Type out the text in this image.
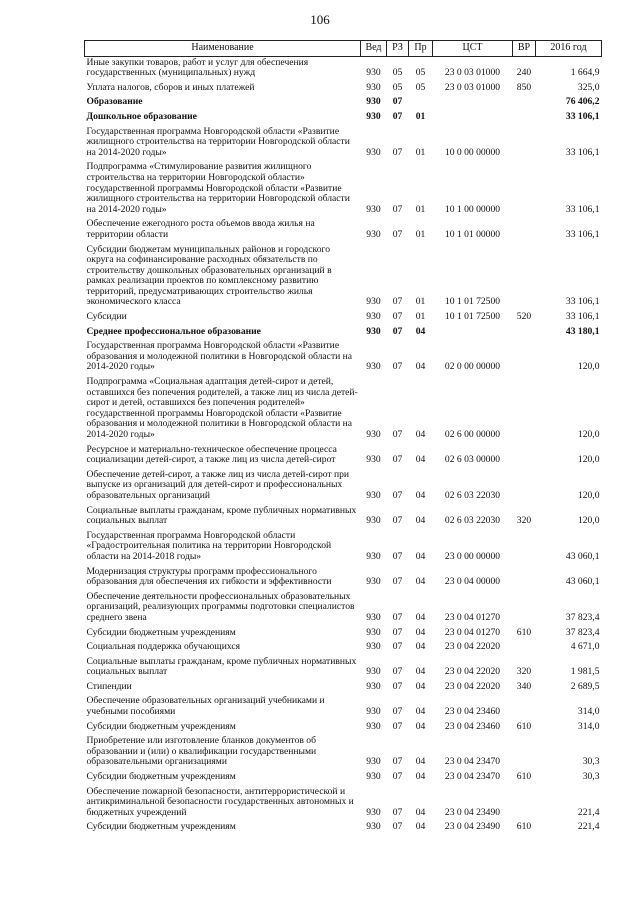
106
Наименование	Вед	РЗ	Пр	ЦСТ	ВР	2016 год
Иные закупки товаров, работ и услуг для обеспечения государственных (муниципальных) нужд	930	05	05	23 0 03 01000	240	1 664,9
Уплата налогов, сборов и иных платежей	930	05	05	23 0 03 01000	850	325,0
Образование	930	07				76 406,2
Дошкольное образование	930	07	01			33 106,1
Государственная программа Новгородской области «Развитие жилищного строительства на территории Новгородской области на 2014-2020 годы»	930	07	01	10 0 00 00000		33 106,1
Подпрограмма «Стимулирование развития жилищного строительства на территории Новгородской области» государственной программы Новгородской области «Развитие жилищного строительства на территории Новгородской области на 2014-2020 годы»	930	07	01	10 1 00 00000		33 106,1
Обеспечение ежегодного роста объемов ввода жилья на территории области	930	07	01	10 1 01 00000		33 106,1
Субсидии бюджетам муниципальных районов и городского округа на софинансирование расходных обязательств по строительству дошкольных образовательных организаций в рамках реализации проектов по комплексному развитию территорий, предусматривающих строительство жилья экономического класса	930	07	01	10 1 01 72500		33 106,1
Субсидии	930	07	01	10 1 01 72500	520	33 106,1
Среднее профессиональное образование	930	07	04			43 180,1
Государственная программа Новгородской области «Развитие образования и молодежной политики в Новгородской области на 2014-2020 годы»	930	07	04	02 0 00 00000		120,0
Подпрограмма «Социальная адаптация детей-сирот и детей, оставшихся без попечения родителей, а также лиц из числа детей-сирот и детей, оставшихся без попечения родителей» государственной программы Новгородской области «Развитие образования и молодежной политики в Новгородской области на 2014-2020 годы»	930	07	04	02 6 00 00000		120,0
Ресурсное и материально-техническое обеспечение процесса социализации детей-сирот, а также лиц из числа детей-сирот	930	07	04	02 6 03 00000		120,0
Обеспечение детей-сирот, а также лиц из числа детей-сирот при выпуске из организаций для детей-сирот и профессиональных образовательных организаций	930	07	04	02 6 03 22030		120,0
Социальные выплаты гражданам, кроме публичных нормативных социальных выплат	930	07	04	02 6 03 22030	320	120,0
Государственная программа Новгородской области «Градостроительная политика на территории Новгородской области на 2014-2018 годы»	930	07	04	23 0 00 00000		43 060,1
Модернизация структуры программ профессионального образования для обеспечения их гибкости и эффективности	930	07	04	23 0 04 00000		43 060,1
Обеспечение деятельности профессиональных образовательных организаций, реализующих программы подготовки специалистов среднего звена	930	07	04	23 0 04 01270		37 823,4
Субсидии бюджетным учреждениям	930	07	04	23 0 04 01270	610	37 823,4
Социальная поддержка обучающихся	930	07	04	23 0 04 22020		4 671,0
Социальные выплаты гражданам, кроме публичных нормативных социальных выплат	930	07	04	23 0 04 22020	320	1 981,5
Стипендии	930	07	04	23 0 04 22020	340	2 689,5
Обеспечение образовательных организаций учебниками и учебными пособиями	930	07	04	23 0 04 23460		314,0
Субсидии бюджетным учреждениям	930	07	04	23 0 04 23460	610	314,0
Приобретение или изготовление бланков документов об образовании и (или) о квалификации государственными образовательными организациями	930	07	04	23 0 04 23470		30,3
Субсидии бюджетным учреждениям	930	07	04	23 0 04 23470	610	30,3
Обеспечение пожарной безопасности, антитеррористической и антикриминальной безопасности государственных автономных и бюджетных учреждений	930	07	04	23 0 04 23490		221,4
Субсидии бюджетным учреждениям	930	07	04	23 0 04 23490	610	221,4
